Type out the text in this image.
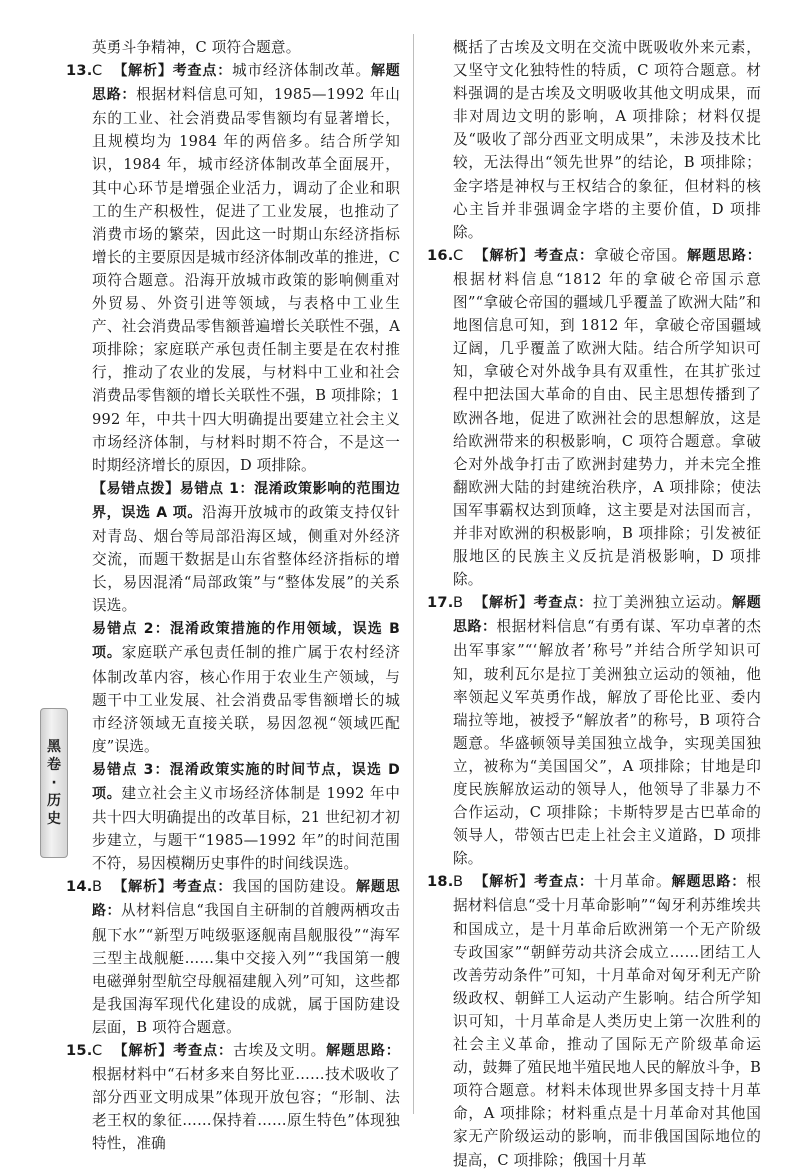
英勇斗争精神，C 项符合题意。
13. C 【解析】考查点：城市经济体制改革。解题思路：根据材料信息可知，1985—1992 年山东的工业、社会消费品零售额均有显著增长，且规模均为 1984 年的两倍多。结合所学知识，1984 年，城市经济体制改革全面展开，其中心环节是增强企业活力，调动了企业和职工的生产积极性，促进了工业发展，也推动了消费市场的繁荣，因此这一时期山东经济指标增长的主要原因是城市经济体制改革的推进，C 项符合题意。沿海开放城市政策的影响侧重对外贸易、外资引进等领域，与表格中工业生产、社会消费品零售额普遍增长关联性不强，A 项排除；家庭联产承包责任制主要是在农村推行，推动了农业的发展，与材料中工业和社会消费品零售额的增长关联性不强，B 项排除；1992 年，中共十四大明确提出要建立社会主义市场经济体制，与材料时期不符合，不是这一时期经济增长的原因，D 项排除。
【易错点拨】易错点 1：混淆政策影响的范围边界，误选 A 项。沿海开放城市的政策支持仅针对青岛、烟台等局部沿海区域，侧重对外经济交流，而题干数据是山东省整体经济指标的增长，易因混淆“局部政策”与“整体发展”的关系误选。
易错点 2：混淆政策措施的作用领域，误选 B 项。家庭联产承包责任制的推广属于农村经济体制改革内容，核心作用于农业生产领域，与题干中工业发展、社会消费品零售额增长的城市经济领域无直接关联，易因忽视“领域匹配度”误选。
易错点 3：混淆政策实施的时间节点，误选 D 项。建立社会主义市场经济体制是 1992 年中共十四大明确提出的改革目标，21 世纪初才初步建立，与题干“1985—1992 年”的时间范围不符，易因模糊历史事件的时间线误选。
14. B 【解析】考查点：我国的国防建设。解题思路：从材料信息“我国自主研制的首艘两栖攻击舰下水”“新型万吨级驱逐舰南昌舰服役”“海军三型主战舰艇……集中交接入列”“我国第一艘电磁弹射型航空母舰福建舰入列”可知，这些都是我国海军现代化建设的成就，属于国防建设层面，B 项符合题意。
15. C 【解析】考查点：古埃及文明。解题思路：根据材料中“石材多来自努比亚……技术吸收了部分西亚文明成果”体现开放包容；“形制、法老王权的象征……保持着……原生特色”体现独特性，准确
概括了古埃及文明在交流中既吸收外来元素，又坚守文化独特性的特质，C 项符合题意。材料强调的是古埃及文明吸收其他文明成果，而非对周边文明的影响，A 项排除；材料仅提及“吸收了部分西亚文明成果”，未涉及技术比较，无法得出“领先世界”的结论，B 项排除；金字塔是神权与王权结合的象征，但材料的核心主旨并非强调金字塔的主要价值，D 项排除。
16. C 【解析】考查点：拿破仑帝国。解题思路：根据材料信息“1812 年的拿破仑帝国示意图”“拿破仑帝国的疆域几乎覆盖了欧洲大陆”和地图信息可知，到 1812 年，拿破仑帝国疆域辽阔，几乎覆盖了欧洲大陆。结合所学知识可知，拿破仑对外战争具有双重性，在其扩张过程中把法国大革命的自由、民主思想传播到了欧洲各地，促进了欧洲社会的思想解放，这是给欧洲带来的积极影响，C 项符合题意。拿破仑对外战争打击了欧洲封建势力，并未完全推翻欧洲大陆的封建统治秩序，A 项排除；使法国军事霸权达到顶峰，这主要是对法国而言，并非对欧洲的积极影响，B 项排除；引发被征服地区的民族主义反抗是消极影响，D 项排除。
17. B 【解析】考查点：拉丁美洲独立运动。解题思路：根据材料信息“有勇有谋、军功卓著的杰出军事家”“‘解放者’称号”并结合所学知识可知，玻利瓦尔是拉丁美洲独立运动的领袖，他率领起义军英勇作战，解放了哥伦比亚、委内瑞拉等地，被授予“解放者”的称号，B 项符合题意。华盛顿领导美国独立战争，实现美国独立，被称为“美国国父”，A 项排除；甘地是印度民族解放运动的领导人，他领导了非暴力不合作运动，C 项排除；卡斯特罗是古巴革命的领导人，带领古巴走上社会主义道路，D 项排除。
18. B 【解析】考查点：十月革命。解题思路：根据材料信息“受十月革命影响”“匈牙利苏维埃共和国成立，是十月革命后欧洲第一个无产阶级专政国家”“朝鲜劳动共济会成立……团结工人改善劳动条件”可知，十月革命对匈牙利无产阶级政权、朝鲜工人运动产生影响。结合所学知识可知，十月革命是人类历史上第一次胜利的社会主义革命，推动了国际无产阶级革命运动，鼓舞了殖民地半殖民地人民的解放斗争，B 项符合题意。材料未体现世界多国支持十月革命，A 项排除；材料重点是十月革命对其他国家无产阶级运动的影响，而非俄国国际地位的提高，C 项排除；俄国十月革
黑
卷
·
历
史
